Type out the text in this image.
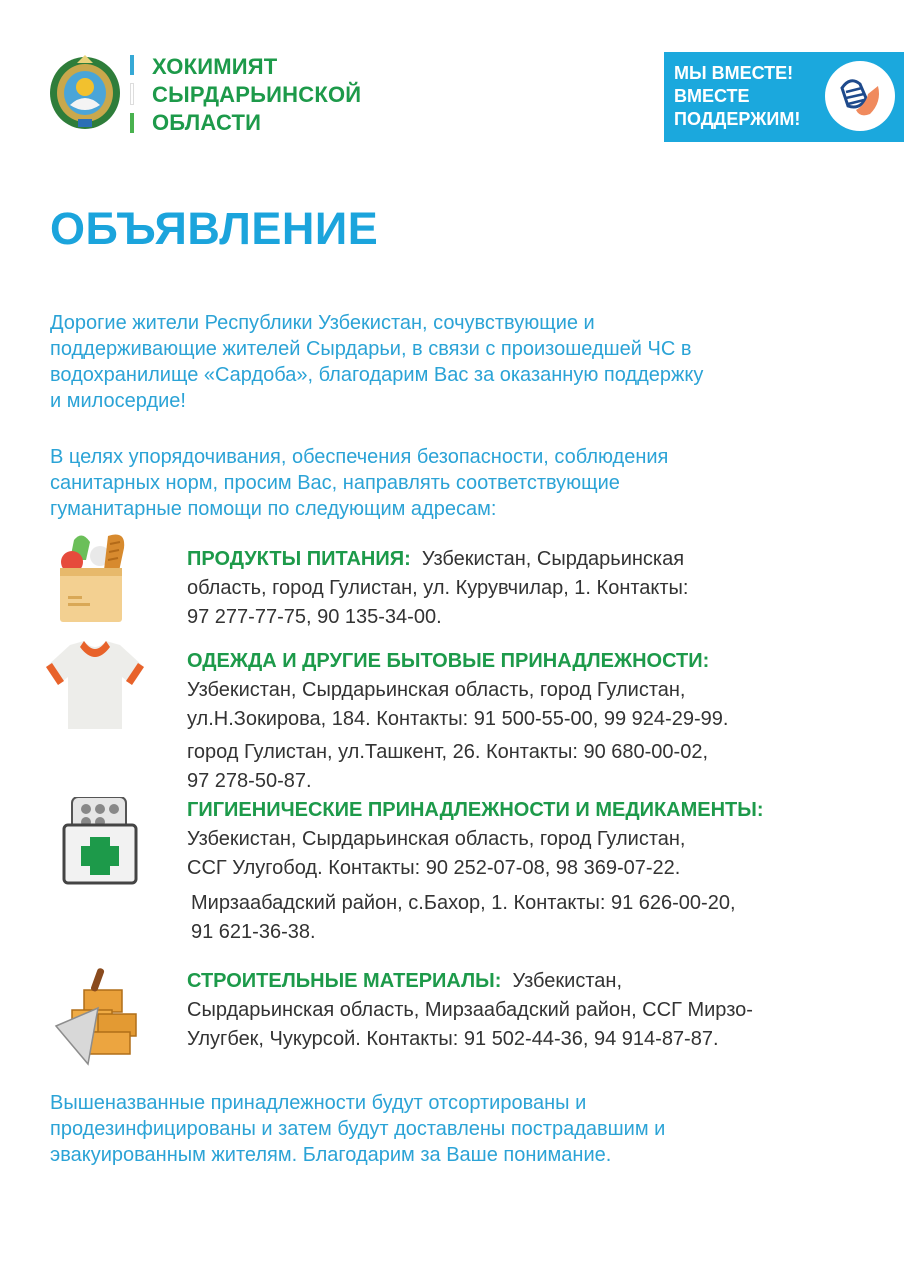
ХОКИМИЯТ
СЫРДАРЬИНСКОЙ
ОБЛАСТИ
МЫ ВМЕСТЕ!
ВМЕСТЕ
ПОДДЕРЖИМ!
ОБЪЯВЛЕНИЕ
Дорогие жители Республики Узбекистан, сочувствующие и
поддерживающие жителей Сырдарьи, в связи с произошедшей ЧС в
водохранилище «Сардоба», благодарим Вас за оказанную поддержку
и милосердие!
В целях упорядочивания, обеспечения безопасности, соблюдения
санитарных норм, просим Вас, направлять соответствующие
гуманитарные помощи по следующим адресам:
ПРОДУКТЫ ПИТАНИЯ: Узбекистан, Сырдарьинская
область, город Гулистан, ул. Курувчилар, 1. Контакты:
97 277-77-75, 90 135-34-00.
ОДЕЖДА И ДРУГИЕ БЫТОВЫЕ ПРИНАДЛЕЖНОСТИ:
Узбекистан, Сырдарьинская область, город Гулистан,
ул.Н.Зокирова, 184. Контакты: 91 500-55-00, 99 924-29-99.
город Гулистан, ул.Ташкент, 26. Контакты: 90 680-00-02,
97 278-50-87.
ГИГИЕНИЧЕСКИЕ ПРИНАДЛЕЖНОСТИ И МЕДИКАМЕНТЫ:
Узбекистан, Сырдарьинская область, город Гулистан,
ССГ Улугобод. Контакты: 90 252-07-08, 98 369-07-22.
Мирзаабадский район, с.Бахор, 1. Контакты: 91 626-00-20,
91 621-36-38.
СТРОИТЕЛЬНЫЕ МАТЕРИАЛЫ: Узбекистан,
Сырдарьинская область, Мирзаабадский район, ССГ Мирзо-
Улугбек, Чукурсой. Контакты: 91 502-44-36, 94 914-87-87.
Вышеназванные принадлежности будут отсортированы и
продезинфицированы и затем будут доставлены пострадавшим и
эвакуированным жителям. Благодарим за Ваше понимание.
